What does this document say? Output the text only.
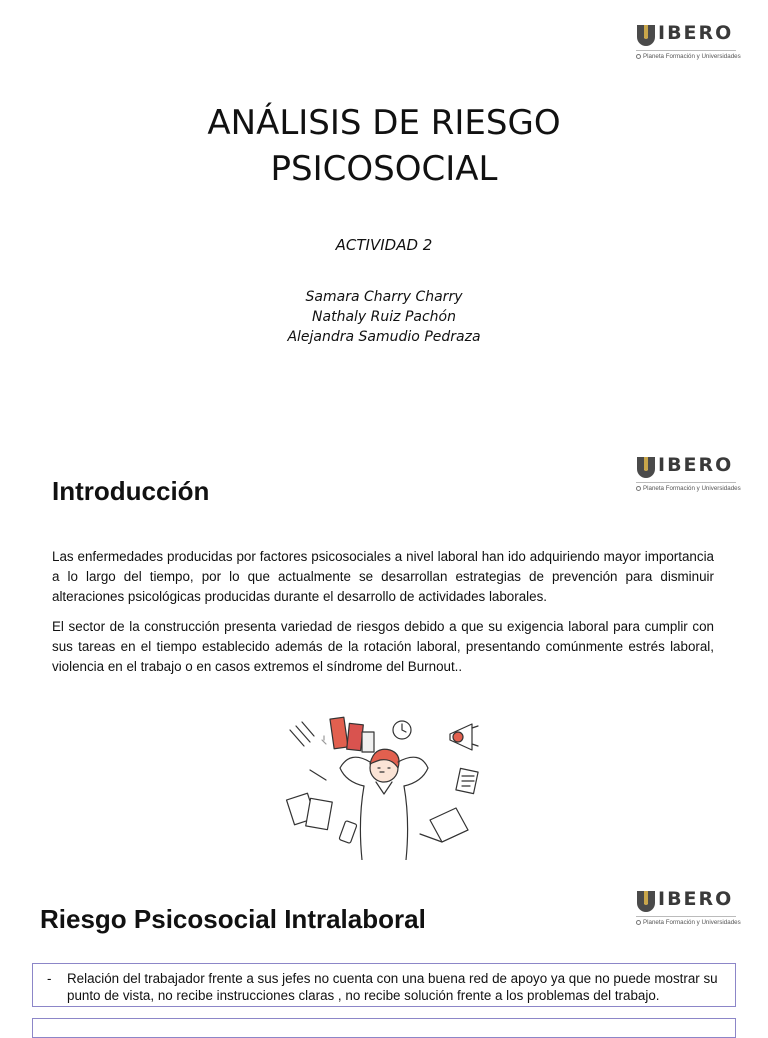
IBERO
Planeta Formación y Universidades
ANÁLISIS DE RIESGO
PSICOSOCIAL
ACTIVIDAD 2
Samara Charry Charry
Nathaly Ruiz Pachón
Alejandra Samudio Pedraza
IBERO
Planeta Formación y Universidades
Introducción

Las enfermedades producidas por factores psicosociales a nivel laboral han ido adquiriendo mayor importancia a lo largo del tiempo, por lo que actualmente se desarrollan estrategias de prevención para disminuir alteraciones psicológicas producidas durante el desarrollo de actividades laborales.

El sector de la construcción presenta variedad de riesgos debido a que su exigencia laboral para cumplir con sus tareas en el tiempo establecido además de la rotación laboral, presentando comúnmente estrés laboral, violencia en el trabajo o en casos extremos el síndrome del Burnout..

IBERO
Planeta Formación y Universidades
Riesgo Psicosocial Intralaboral
- Relación del trabajador frente a sus jefes no cuenta con una buena red de apoyo ya que no puede mostrar su punto de vista, no recibe instrucciones claras , no recibe solución frente a los problemas del trabajo.
